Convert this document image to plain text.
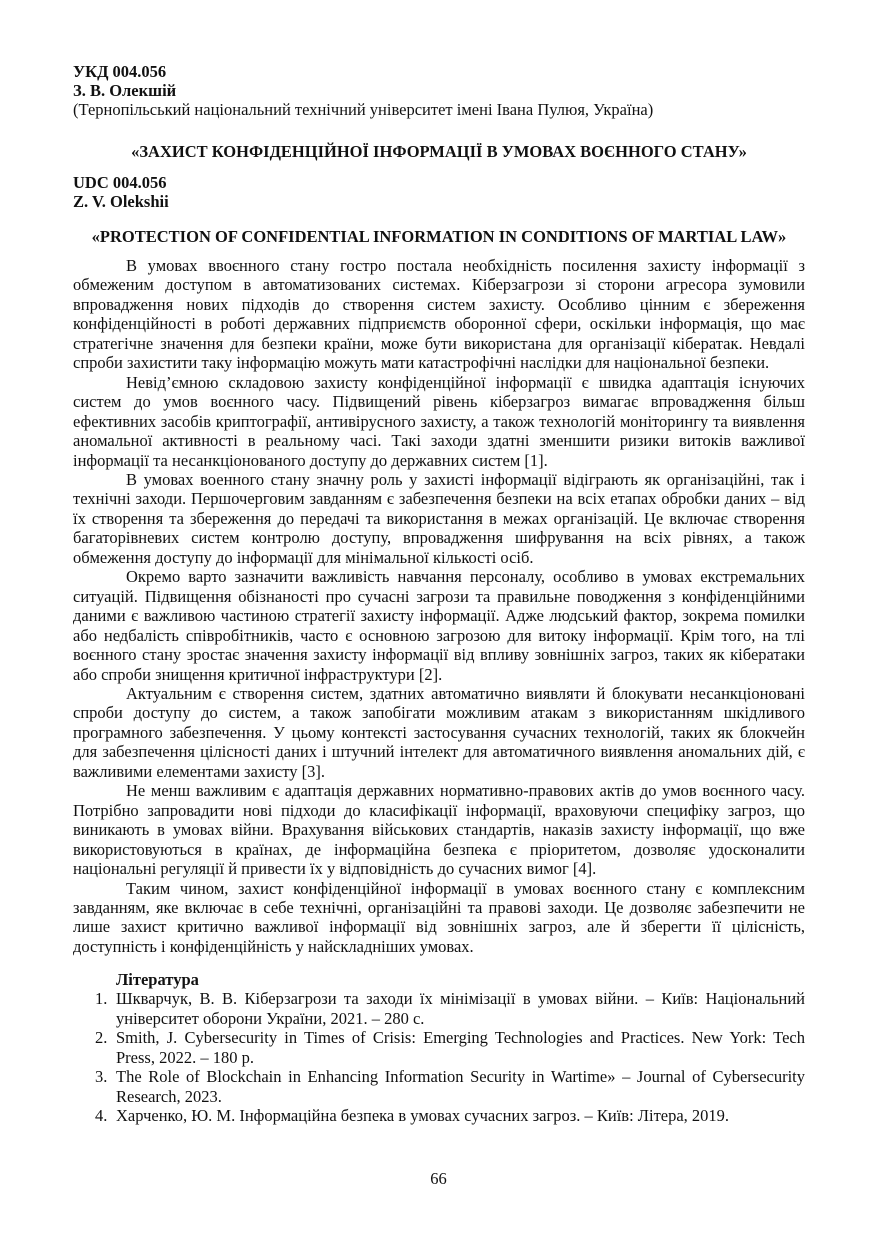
УКД 004.056
З. В. Олекшій
(Тернопільський національний технічний університет імені Івана Пулюя, Україна)
«ЗАХИСТ КОНФІДЕНЦІЙНОЇ ІНФОРМАЦІЇ В УМОВАХ ВОЄННОГО СТАНУ»
UDC 004.056
Z. V. Olekshii
«PROTECTION OF CONFIDENTIAL INFORMATION IN CONDITIONS OF MARTIAL LAW»

В умовах ввоєнного стану гостро постала необхідність посилення захисту інформації з обмеженим доступом в автоматизованих системах. Кіберзагрози зі сторони агресора зумовили впровадження нових підходів до створення систем захисту. Особливо цінним є збереження конфіденційності в роботі державних підприємств оборонної сфери, оскільки інформація, що має стратегічне значення для безпеки країни, може бути використана для організації кібератак. Невдалі спроби захистити таку інформацію можуть мати катастрофічні наслідки для національної безпеки.

Невід’ємною складовою захисту конфіденційної інформації є швидка адаптація існуючих систем до умов воєнного часу. Підвищений рівень кіберзагроз вимагає впровадження більш ефективних засобів криптографії, антивірусного захисту, а також технологій моніторингу та виявлення аномальної активності в реальному часі. Такі заходи здатні зменшити ризики витоків важливої інформації та несанкціонованого доступу до державних систем [1].

В умовах военного стану значну роль у захисті інформації відіграють як організаційні, так і технічні заходи. Першочерговим завданням є забезпечення безпеки на всіх етапах обробки даних – від їх створення та збереження до передачі та використання в межах організацій. Це включає створення багаторівневих систем контролю доступу, впровадження шифрування на всіх рівнях, а також обмеження доступу до інформації для мінімальної кількості осіб.

Окремо варто зазначити важливість навчання персоналу, особливо в умовах екстремальних ситуацій. Підвищення обізнаності про сучасні загрози та правильне поводження з конфіденційними даними є важливою частиною стратегії захисту інформації. Адже людський фактор, зокрема помилки або недбалість співробітників, часто є основною загрозою для витоку інформації. Крім того, на тлі воєнного стану зростає значення захисту інформації від впливу зовнішніх загроз, таких як кібератаки або спроби знищення критичної інфраструктури [2].

Актуальним є створення систем, здатних автоматично виявляти й блокувати несанкціоновані спроби доступу до систем, а також запобігати можливим атакам з використанням шкідливого програмного забезпечення. У цьому контексті застосування сучасних технологій, таких як блокчейн для забезпечення цілісності даних і штучний інтелект для автоматичного виявлення аномальних дій, є важливими елементами захисту [3].

Не менш важливим є адаптація державних нормативно-правових актів до умов воєнного часу. Потрібно запровадити нові підходи до класифікації інформації, враховуючи специфіку загроз, що виникають в умовах війни. Врахування військових стандартів, наказів захисту інформації, що вже використовуються в країнах, де інформаційна безпека є пріоритетом, дозволяє удосконалити національні регуляції й привести їх у відповідність до сучасних вимог [4].

Таким чином, захист конфіденційної інформації в умовах воєнного стану є комплексним завданням, яке включає в себе технічні, організаційні та правові заходи. Це дозволяє забезпечити не лише захист критично важливої інформації від зовнішніх загроз, але й зберегти її цілісність, доступність і конфіденційність у найскладніших умовах.

Література
1. Шкварчук, В. В. Кіберзагрози та заходи їх мінімізації в умовах війни. – Київ: Національний університет оборони України, 2021. – 280 с.
2. Smith, J. Cybersecurity in Times of Crisis: Emerging Technologies and Practices. New York: Tech Press, 2022. – 180 p.
3. The Role of Blockchain in Enhancing Information Security in Wartime» – Journal of Cybersecurity Research, 2023.
4. Харченко, Ю. М. Інформаційна безпека в умовах сучасних загроз. – Київ: Літера, 2019.
66
